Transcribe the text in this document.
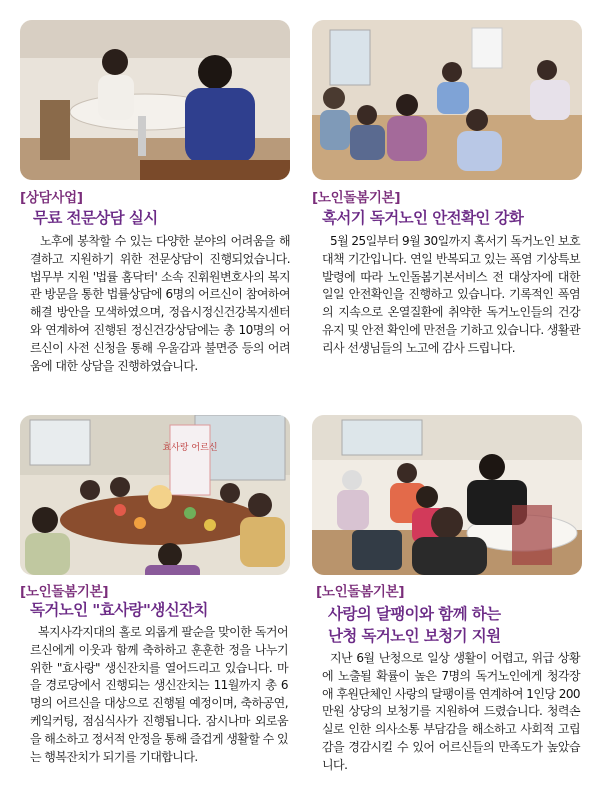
[상담사업]
무료 전문상담 실시
노후에 봉착할 수 있는 다양한 분야의 어려움을 해결하고 지원하기 위한 전문상담이 진행되었습니다. 법무부 지원 '법률 홈닥터' 소속 진휘원변호사의 복지관 방문을 통한 법률상담에 6명의 어르신이 참여하여 해결 방안을 모색하였으며, 정읍시정신건강복지센터와 연계하여 진행된 정신건강상담에는 총 10명의 어르신이 사전 신청을 통해 우울감과 불면증 등의 어려움에 대한 상담을 진행하였습니다.
[노인돌봄기본]
혹서기 독거노인 안전확인 강화
5월 25일부터 9월 30일까지 혹서기 독거노인 보호대책 기간입니다. 연일 반복되고 있는 폭염 기상특보 발령에 따라 노인돌봄기본서비스 전 대상자에 대한 일일 안전확인을 진행하고 있습니다. 기록적인 폭염의 지속으로 온열질환에 취약한 독거노인들의 건강유지 및 안전 확인에 만전을 기하고 있습니다. 생활관리사 선생님들의 노고에 감사 드립니다.
효사랑 어르신
[노인돌봄기본]
독거노인 "효사랑"생신잔치
복지사각지대의 홀로 외롭게 팔순을 맞이한 독거어르신에게 이웃과 함께 축하하고 훈훈한 정을 나누기 위한 "효사랑" 생신잔치를 열어드리고 있습니다. 마을 경로당에서 진행되는 생신잔치는 11월까지 총 6명의 어르신을 대상으로 진행될 예정이며, 축하공연, 케잌커팅, 점심식사가 진행됩니다. 잠시나마 외로움을 해소하고 정서적 안정을 통해 즐겁게 생활할 수 있는 행복잔치가 되기를 기대합니다.
[노인돌봄기본]
사랑의 달팽이와 함께 하는
난청 독거노인 보청기 지원
지난 6월 난청으로 일상 생활이 어렵고, 위급 상황에 노출될 확률이 높은 7명의 독거노인에게 청각장애 후원단체인 사랑의 달팽이를 연계하여 1인당 200만원 상당의 보청기를 지원하여 드렸습니다. 청력손실로 인한 의사소통 부담감을 해소하고 사회적 고립감을 경감시킬 수 있어 어르신들의 만족도가 높았습니다.
